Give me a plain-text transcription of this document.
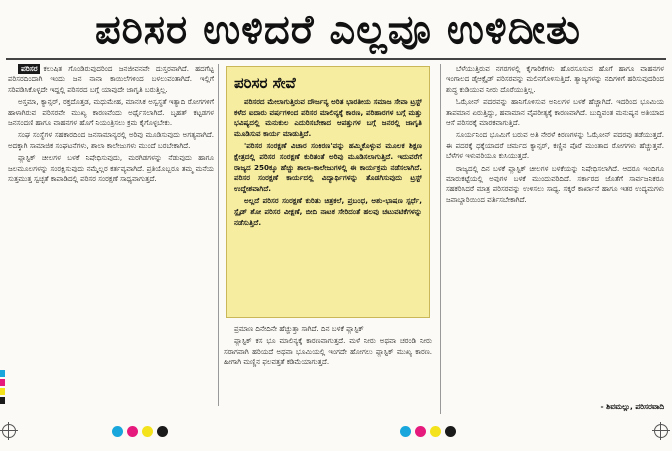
ಪರಿಸರ ಉಳಿದರೆ ಎಲ್ಲವೂ ಉಳಿದೀತು

ಪರಿಸರ ಕಲುಷಿತ ಗೊಂಡಿರುವುದರಿಂದ ಜನಜೀವನವೇ ದುಸ್ತರವಾಗಿದೆ. ಹದಗೆಟ್ಟ ಪರಿಸರದಿಂದಾಗಿ ಇಂದು ಜನ ನಾನಾ ಕಾಯಿಲೆಗಳಿಂದ ಬಳಲುವಂತಾಗಿದೆ. ಇಲ್ಲಿಗೆ ಸರಿಪಡಿಸಿಕೊಳ್ಳದೇ ಇದ್ದಲ್ಲಿ ಪರಿಸರದ ಬಗ್ಗೆ ಯಾವುದೇ ಜಾಗೃತಿ ಬರುತ್ತಿಲ್ಲ.

ಅಸ್ತಮಾ, ಕ್ಯಾನ್ಸರ್, ರಕ್ತದೊತ್ತಡ, ಮಧುಮೇಹ, ಮಾನಸಿಕ ಅಸ್ವಸ್ಥತೆ ಇತ್ಯಾದಿ ರೋಗಗಳಿಗೆ ಹಾಳಾಗಿರುವ ಪರಿಸರವೇ ಮುಖ್ಯ ಕಾರಣವೆಂದು ಅರ್ಥೈಸಲಾಗಿದೆ. ಬೃಹತ್ ಕಟ್ಟಡಗಳ ಜನಸಂದಣಿ ಹಾಗೂ ವಾಹನಗಳ ಹೊಗೆ ನಿಯಂತ್ರಿಸಲು ಕ್ರಮ ಕೈಗೊಳ್ಳಬೇಕು.

ಸಂಘ ಸಂಸ್ಥೆಗಳ ಸಹಕಾರದಿಂದ ಜನಸಾಮಾನ್ಯರಲ್ಲಿ ಅರಿವು ಮೂಡಿಸುವುದು ಅಗತ್ಯವಾಗಿದೆ. ಅದಕ್ಕಾಗಿ ಸಾಮಾಜಿಕ ಸಂಘಟನೆಗಳು, ಶಾಲಾ ಕಾಲೇಜುಗಳು ಮುಂದೆ ಬರಬೇಕಾಗಿದೆ.

ಪ್ಲಾಸ್ಟಿಕ್ ಚೀಲಗಳ ಬಳಕೆ ನಿಷೇಧಿಸುವುದು, ಮರಗಿಡಗಳನ್ನು ನೆಡುವುದು ಹಾಗೂ ಜಲಮೂಲಗಳನ್ನು ಸಂರಕ್ಷಿಸುವುದು ನಮ್ಮೆಲ್ಲರ ಕರ್ತವ್ಯವಾಗಿದೆ. ಪ್ರತಿಯೊಬ್ಬರೂ ತಮ್ಮ ಮನೆಯ ಸುತ್ತಮುತ್ತ ಸ್ವಚ್ಛತೆ ಕಾಪಾಡಿದಲ್ಲಿ ಪರಿಸರ ಸಂರಕ್ಷಣೆ ಸಾಧ್ಯವಾಗುತ್ತದೆ.

ಪರಿಸರ ಸೇವೆ

ಪರಿಸರದ ಮೇಲಾಗುತ್ತಿರುವ ದೌರ್ಜನ್ಯ ಅರಿತ ಭಾರತೀಯ ಸಮಾಜ ಸೇವಾ ಟ್ರಸ್ಟ್ ಕಳೆದ ಐದಾರು ವರ್ಷಗಳಿಂದ ಪರಿಸರ ಮಾಲಿನ್ಯಕ್ಕೆ ಕಾರಣ, ಪರಿಹಾರಗಳ ಬಗ್ಗೆ ಮತ್ತು ಭವಿಷ್ಯದಲ್ಲಿ ಮನುಕುಲ ಎದುರಿಸಬೇಕಾದ ಆಪತ್ತುಗಳ ಬಗ್ಗೆ ಜನರಲ್ಲಿ ಜಾಗೃತಿ ಮೂಡಿಸುವ ಕಾರ್ಯ ಮಾಡುತ್ತಿದೆ.

'ಪರಿಸರ ಸಂರಕ್ಷಣೆ ವಿಚಾರ ಸಂಕಿರಣ'ವನ್ನು ಹಮ್ಮಿಕೊಳ್ಳುವ ಮೂಲಕ ಶಿಕ್ಷಣ ಕ್ಷೇತ್ರದಲ್ಲಿ ಪರಿಸರ ಸಂರಕ್ಷಣೆ ಕುರಿತಂತೆ ಅರಿವು ಮೂಡಿಸಲಾಗುತ್ತಿದೆ. ಇದುವರೆಗೆ ರಾಜ್ಯದ 250ಕ್ಕೂ ಹೆಚ್ಚು ಶಾಲಾ-ಕಾಲೇಜುಗಳಲ್ಲಿ ಈ ಕಾರ್ಯಕ್ರಮ ನಡೆಸಲಾಗಿದೆ. ಪರಿಸರ ಸಂರಕ್ಷಣೆ ಕಾರ್ಯದಲ್ಲಿ ವಿದ್ಯಾರ್ಥಿಗಳನ್ನು ತೊಡಗಿಸುವುದು ಟ್ರಸ್ಟ್ ಉದ್ದೇಶವಾಗಿದೆ.

ಅಲ್ಲದೆ ಪರಿಸರ ಸಂರಕ್ಷಣೆ ಕುರಿತು ಚಿತ್ರಕಲೆ, ಪ್ರಬಂಧ, ಆಶು-ಭಾಷಣ ಸ್ಪರ್ಧೆ, ಸ್ಲೈಡ್ ಶೋ ಪರಿಸರ ವೀಕ್ಷಣೆ, ಬೀದಿ ನಾಟಕ ಸೇರಿದಂತೆ ಹಲವು ಚಟುವಟಿಕೆಗಳನ್ನು ನಡೆಸುತ್ತಿದೆ.

ಪ್ರಮಾಣ ದಿನೇದಿನೇ ಹೆಚ್ಚುತ್ತಾ ಸಾಗಿದೆ. ದಿನ ಬಳಕೆ ಪ್ಲಾಸ್ಟಿಕ್

ಪ್ಲಾಸ್ಟಿಕ್ ಕಸ ಭೂ ಮಾಲಿನ್ಯಕ್ಕೆ ಕಾರಣವಾಗುತ್ತದೆ. ಮಳೆ ನೀರು ಅಥವಾ ಚರಂಡಿ ನೀರು ಸರಾಗವಾಗಿ ಹರಿಯದೆ ಅಥವಾ ಭೂಮಿಯಲ್ಲಿ ಇಂಗದೇ ಹೋಗಲು ಪ್ಲಾಸ್ಟಿಕ್ ಮುಖ್ಯ ಕಾರಣ. ಹೀಗಾಗಿ ಮಣ್ಣಿನ ಫಲವತ್ತತೆ ಕಡಿಮೆಯಾಗುತ್ತದೆ.

ಬೆಳೆಯುತ್ತಿರುವ ನಗರಗಳಲ್ಲಿ ಕೈಗಾರಿಕೆಗಳು ಹೊರಸೂಸುವ ಹೊಗೆ ಹಾಗೂ ವಾಹನಗಳ ಇಂಗಾಲದ ಡೈಆಕ್ಸೈಡ್ ಪರಿಸರವನ್ನು ಮಲಿನಗೊಳಿಸುತ್ತಿದೆ. ತ್ಯಾಜ್ಯಗಳನ್ನು ನದಿಗಳಿಗೆ ಹರಿಸುವುದರಿಂದ ಶುದ್ಧ ಕುಡಿಯುವ ನೀರು ದೊರೆಯುತ್ತಿಲ್ಲ.

ಓಝೋನ್ ಪದರವನ್ನು ಹಾನಿಗೊಳಿಸುವ ಅನಿಲಗಳ ಬಳಕೆ ಹೆಚ್ಚಾಗಿದೆ. ಇದರಿಂದ ಭೂಮಿಯ ತಾಪಮಾನ ಏರುತ್ತಿದ್ದು, ಹವಾಮಾನ ವೈಪರೀತ್ಯಕ್ಕೆ ಕಾರಣವಾಗಿದೆ. ಬುದ್ಧಿವಂತ ಮನುಷ್ಯನ ಅತಿಯಾದ ಆಸೆ ಪರಿಸರಕ್ಕೆ ಮಾರಕವಾಗುತ್ತಿದೆ.

ಸೂರ್ಯನಿಂದ ಭೂಮಿಗೆ ಬರುವ ಅತಿ ನೇರಳೆ ಕಿರಣಗಳನ್ನು ಓಝೋನ್ ಪದರವು ತಡೆಯುತ್ತದೆ. ಈ ಪದರಕ್ಕೆ ಧಕ್ಕೆಯಾದರೆ ಚರ್ಮದ ಕ್ಯಾನ್ಸರ್, ಕಣ್ಣಿನ ಪೊರೆ ಮುಂತಾದ ರೋಗಗಳು ಹೆಚ್ಚುತ್ತವೆ. ಬೆಳೆಗಳ ಇಳುವರಿಯೂ ಕುಸಿಯುತ್ತದೆ.

ರಾಜ್ಯದಲ್ಲಿ ದಿನ ಬಳಕೆ ಪ್ಲಾಸ್ಟಿಕ್ ಚೀಲಗಳ ಬಳಕೆಯನ್ನು ನಿಷೇಧಿಸಲಾಗಿದೆ. ಆದರೂ ಇಂದಿಗೂ ಮಾರುಕಟ್ಟೆಯಲ್ಲಿ ಅವುಗಳ ಬಳಕೆ ಮುಂದುವರಿದಿದೆ. ಸರ್ಕಾರದ ಜೊತೆಗೆ ಸಾರ್ವಜನಿಕರೂ ಸಹಕರಿಸಿದರೆ ಮಾತ್ರ ಪರಿಸರವನ್ನು ಉಳಿಸಲು ಸಾಧ್ಯ. ಸಕ್ಕರೆ ಕಾರ್ಖಾನೆ ಹಾಗೂ ಇತರ ಉದ್ಯಮಗಳು ಜವಾಬ್ದಾರಿಯಿಂದ ವರ್ತಿಸಬೇಕಾಗಿದೆ.

- ಶಿವಮಲ್ಲು, ಪರಿಸರವಾದಿ
